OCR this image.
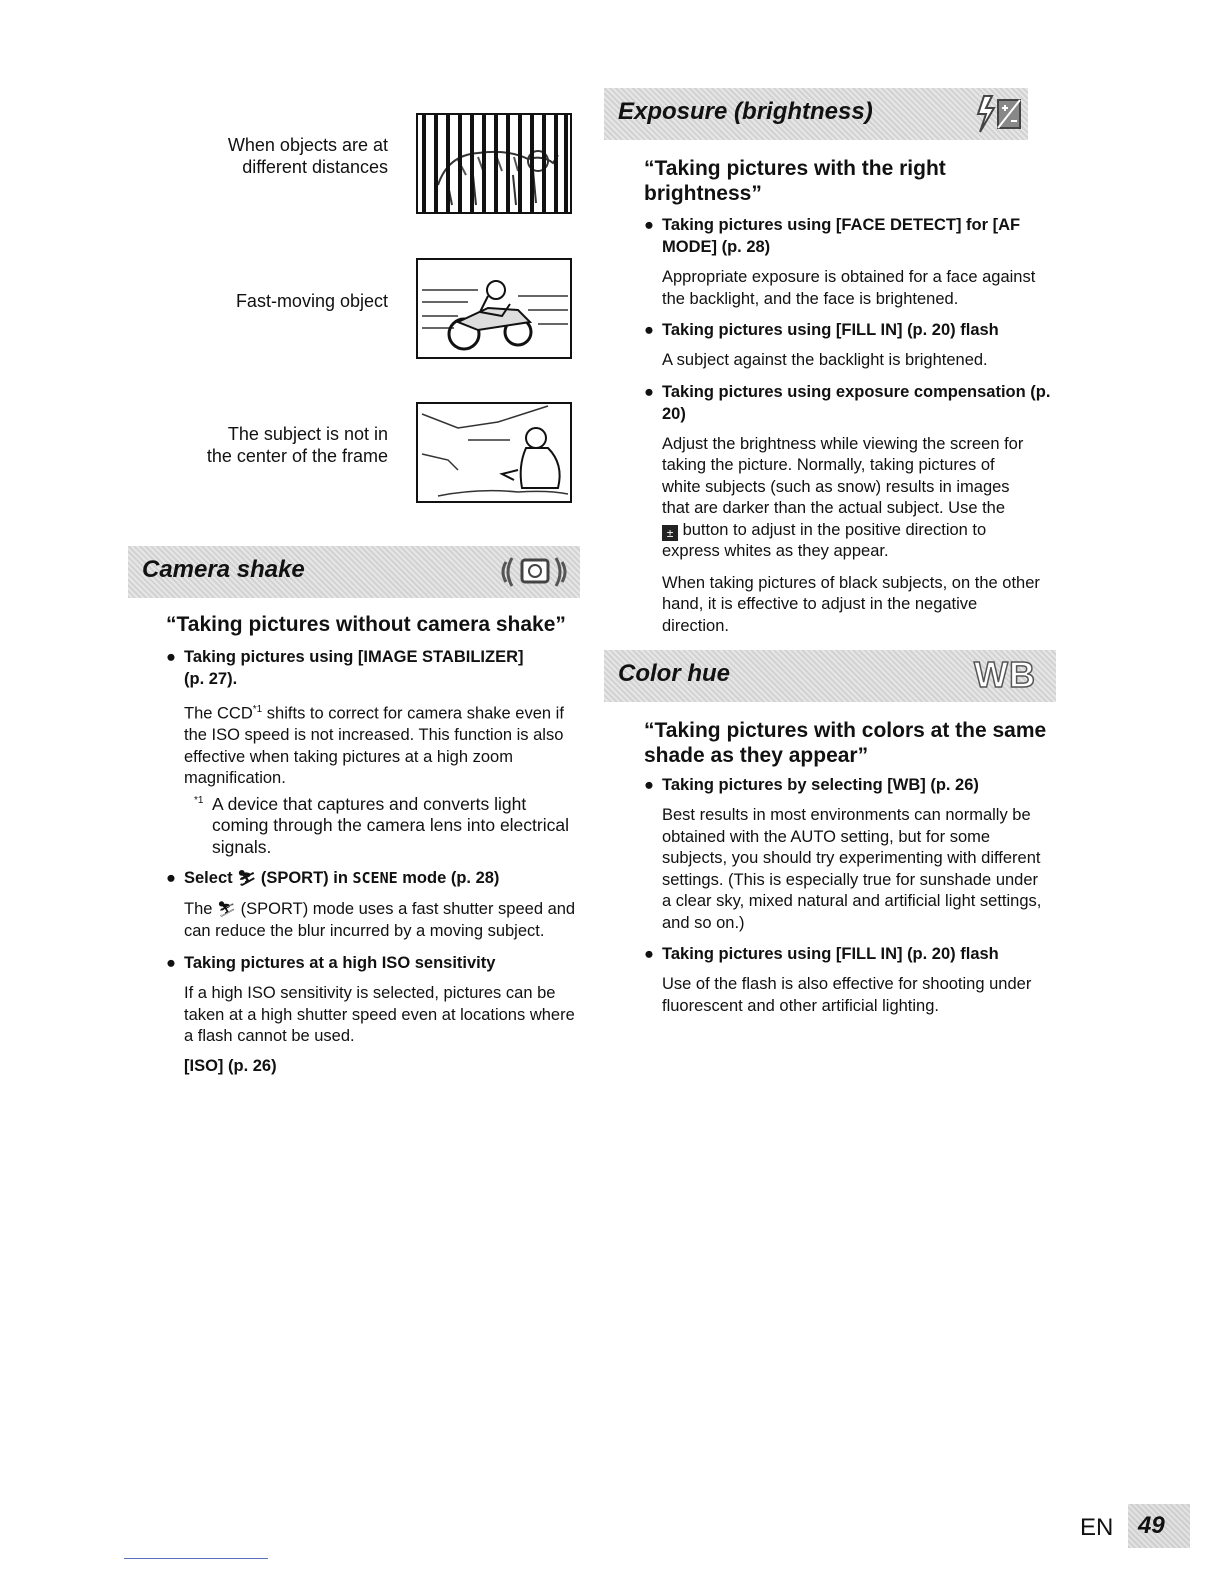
When objects are at
different distances
Fast-moving object
The subject is not in
the center of the frame
Camera shake
“Taking pictures without camera shake”
● Taking pictures using [IMAGE STABILIZER]
(p. 27).
The CCD$^{*1}$ shifts to correct for camera shake even if the ISO speed is not increased. This function is also effective when taking pictures at a high zoom magnification.
$^{*1}$ A device that captures and converts light coming through the camera lens into electrical signals.
● Select ⛷ (SPORT) in SCENE mode (p. 28)
The ⛷ (SPORT) mode uses a fast shutter speed and can reduce the blur incurred by a moving subject.
● Taking pictures at a high ISO sensitivity
If a high ISO sensitivity is selected, pictures can be taken at a high shutter speed even at locations where a flash cannot be used.
[ISO] (p. 26)
Exposure (brightness)
“Taking pictures with the right brightness”
● Taking pictures using [FACE DETECT] for [AF MODE] (p. 28)
Appropriate exposure is obtained for a face against the backlight, and the face is brightened.
● Taking pictures using [FILL IN] (p. 20) flash
A subject against the backlight is brightened.
● Taking pictures using exposure compensation (p. 20)
Adjust the brightness while viewing the screen for taking the picture. Normally, taking pictures of white subjects (such as snow) results in images that are darker than the actual subject. Use the
± button to adjust in the positive direction to express whites as they appear.
When taking pictures of black subjects, on the other hand, it is effective to adjust in the negative direction.
Color hue	WB
“Taking pictures with colors at the same shade as they appear”
● Taking pictures by selecting [WB] (p. 26)
Best results in most environments can normally be obtained with the AUTO setting, but for some subjects, you should try experimenting with different settings. (This is especially true for sunshade under a clear sky, mixed natural and artificial light settings, and so on.)
● Taking pictures using [FILL IN] (p. 20) flash
Use of the flash is also effective for shooting under fluorescent and other artificial lighting.
EN 49
